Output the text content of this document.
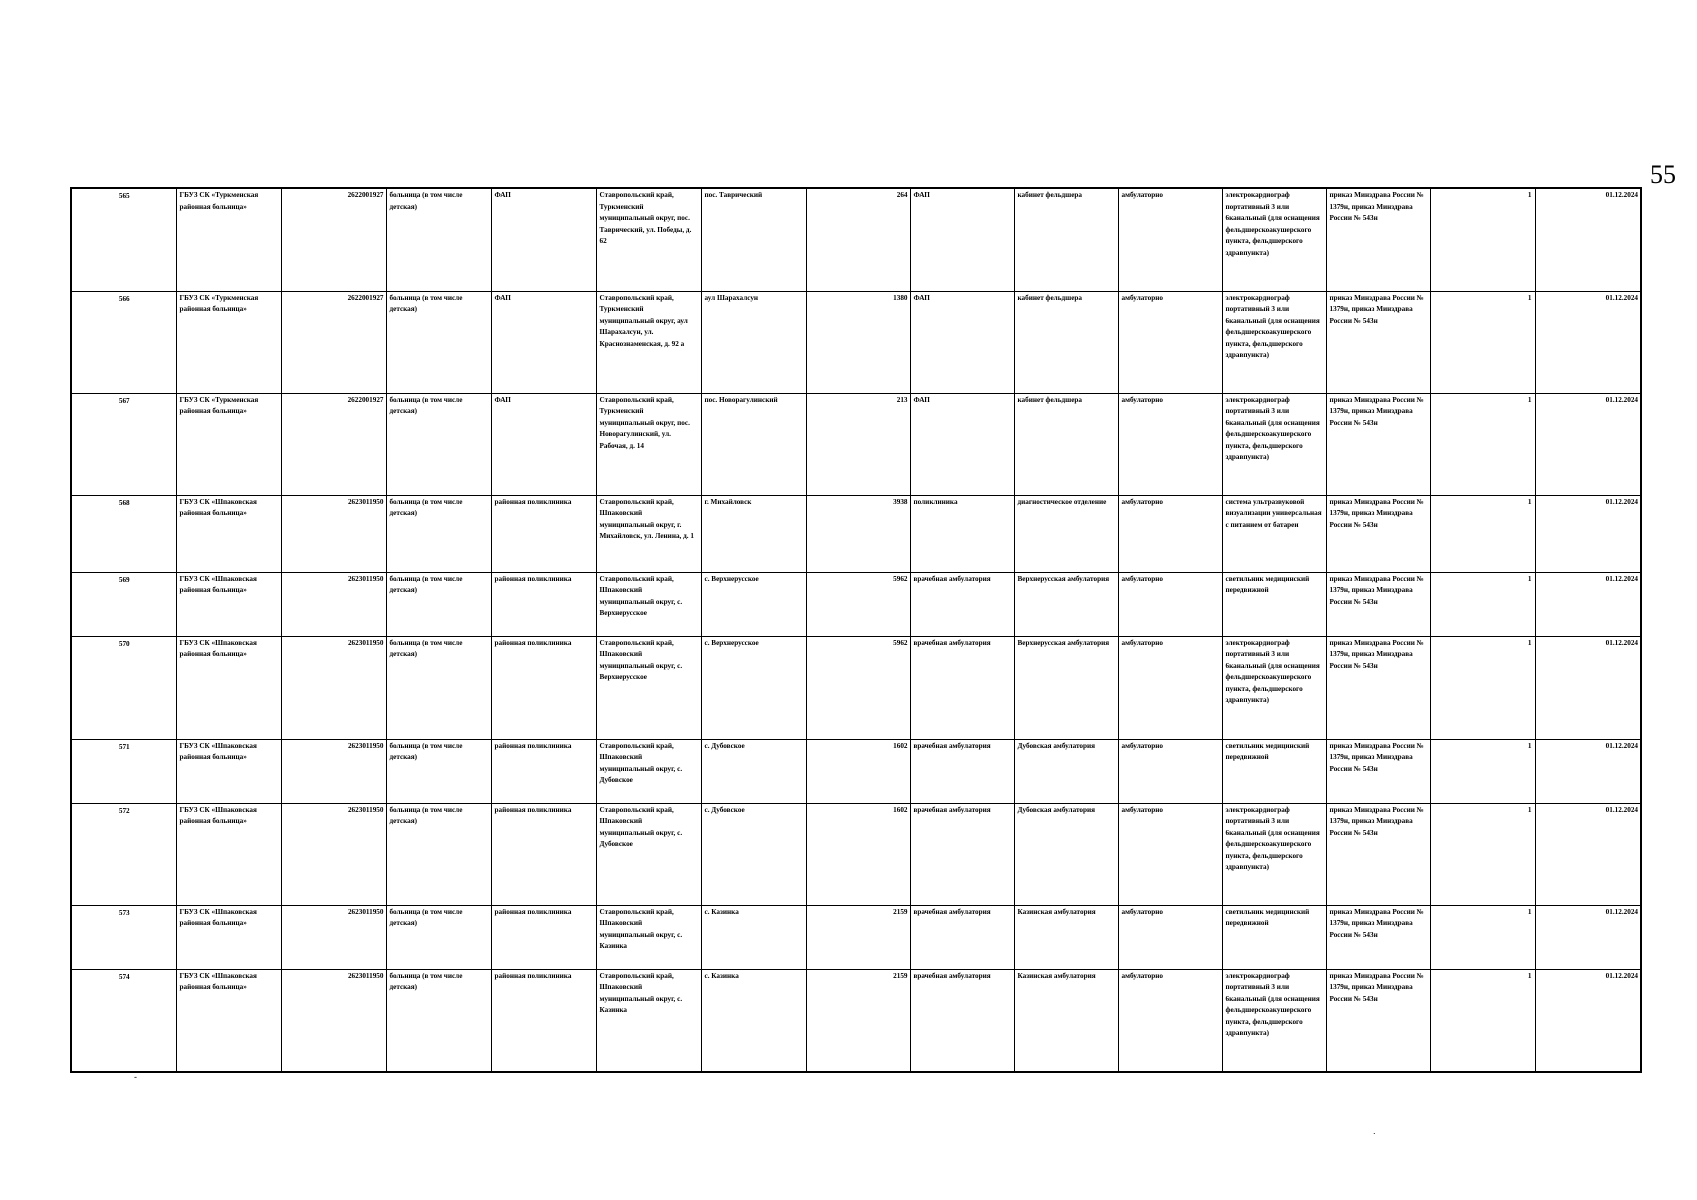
55
565	ГБУЗ СК «Туркменская районная больница»	2622001927	больница (в том числе детская)	ФАП	Ставропольский край, Туркменский муниципальный округ, пос. Таврический, ул. Победы, д. 62	пос. Таврический	264	ФАП	кабинет фельдшера	амбулаторно	электрокардиограф портативный 3 или 6канальный (для оснащения фельдшерскоакушерского пункта, фельдшерского здравпункта)	приказ Минздрава России № 1379н, приказ Минздрава России № 543н	1	01.12.2024
566	ГБУЗ СК «Туркменская районная больница»	2622001927	больница (в том числе детская)	ФАП	Ставропольский край, Туркменский муниципальный округ, аул Шарахалсун, ул. Краснознаменская, д. 92 а	аул Шарахалсун	1380	ФАП	кабинет фельдшера	амбулаторно	электрокардиограф портативный 3 или 6канальный (для оснащения фельдшерскоакушерского пункта, фельдшерского здравпункта)	приказ Минздрава России № 1379н, приказ Минздрава России № 543н	1	01.12.2024
567	ГБУЗ СК «Туркменская районная больница»	2622001927	больница (в том числе детская)	ФАП	Ставропольский край, Туркменский муниципальный округ, пос. Новорагулинский, ул. Рабочая, д. 14	пос. Новорагулинский	213	ФАП	кабинет фельдшера	амбулаторно	электрокардиограф портативный 3 или 6канальный (для оснащения фельдшерскоакушерского пункта, фельдшерского здравпункта)	приказ Минздрава России № 1379н, приказ Минздрава России № 543н	1	01.12.2024
568	ГБУЗ СК «Шпаковская районная больница»	2623011950	больница (в том числе детская)	районная поликлиника	Ставропольский край, Шпаковский муниципальный округ, г. Михайловск, ул. Ленина, д. 1	г. Михайловск	3938	поликлиника	диагностическое отделение	амбулаторно	система ультразвуковой визуализации универсальная с питанием от батареи	приказ Минздрава России № 1379н, приказ Минздрава России № 543н	1	01.12.2024
569	ГБУЗ СК «Шпаковская районная больница»	2623011950	больница (в том числе детская)	районная поликлиника	Ставропольский край, Шпаковский муниципальный округ, с. Верхнерусское	с. Верхнерусское	5962	врачебная амбулатория	Верхнерусская амбулатория	амбулаторно	светильник медицинский передвижной	приказ Минздрава России № 1379н, приказ Минздрава России № 543н	1	01.12.2024
570	ГБУЗ СК «Шпаковская районная больница»	2623011950	больница (в том числе детская)	районная поликлиника	Ставропольский край, Шпаковский муниципальный округ, с. Верхнерусское	с. Верхнерусское	5962	врачебная амбулатория	Верхнерусская амбулатория	амбулаторно	электрокардиограф портативный 3 или 6канальный (для оснащения фельдшерскоакушерского пункта, фельдшерского здравпункта)	приказ Минздрава России № 1379н, приказ Минздрава России № 543н	1	01.12.2024
571	ГБУЗ СК «Шпаковская районная больница»	2623011950	больница (в том числе детская)	районная поликлиника	Ставропольский край, Шпаковский муниципальный округ, с. Дубовское	с. Дубовское	1602	врачебная амбулатория	Дубовская амбулатория	амбулаторно	светильник медицинский передвижной	приказ Минздрава России № 1379н, приказ Минздрава России № 543н	1	01.12.2024
572	ГБУЗ СК «Шпаковская районная больница»	2623011950	больница (в том числе детская)	районная поликлиника	Ставропольский край, Шпаковский муниципальный округ, с. Дубовское	с. Дубовское	1602	врачебная амбулатория	Дубовская амбулатория	амбулаторно	электрокардиограф портативный 3 или 6канальный (для оснащения фельдшерскоакушерского пункта, фельдшерского здравпункта)	приказ Минздрава России № 1379н, приказ Минздрава России № 543н	1	01.12.2024
573	ГБУЗ СК «Шпаковская районная больница»	2623011950	больница (в том числе детская)	районная поликлиника	Ставропольский край, Шпаковский муниципальный округ, с. Казинка	с. Казинка	2159	врачебная амбулатория	Казинская амбулатория	амбулаторно	светильник медицинский передвижной	приказ Минздрава России № 1379н, приказ Минздрава России № 543н	1	01.12.2024
574	ГБУЗ СК «Шпаковская районная больница»	2623011950	больница (в том числе детская)	районная поликлиника	Ставропольский край, Шпаковский муниципальный округ, с. Казинка	с. Казинка	2159	врачебная амбулатория	Казинская амбулатория	амбулаторно	электрокардиограф портативный 3 или 6канальный (для оснащения фельдшерскоакушерского пункта, фельдшерского здравпункта)	приказ Минздрава России № 1379н, приказ Минздрава России № 543н	1	01.12.2024
-
.
